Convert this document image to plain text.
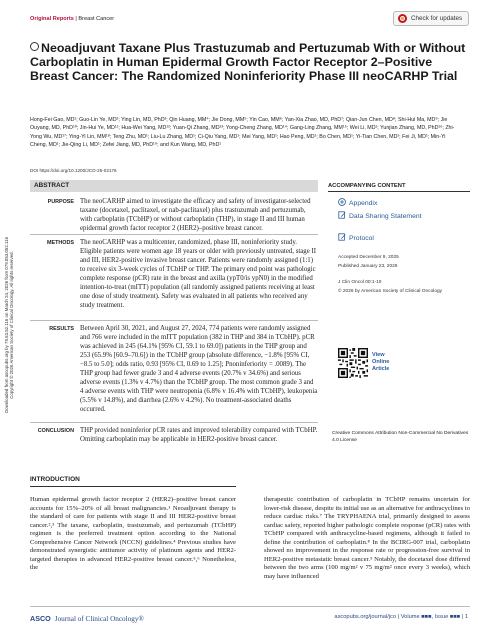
Downloaded from ascopubs.org by 79.53.52.116 on March 24, 2026 from 079.053.052.116
Copyright © 2026 American Society of Clinical Oncology. All rights reserved.
Original Reports | Breast Cancer	Check for updates
Neoadjuvant Taxane Plus Trastuzumab and Pertuzumab With or Without Carboplatin in Human Epidermal Growth Factor Receptor 2–Positive Breast Cancer: The Randomized Noninferiority Phase III neoCARHP Trial
Hong-Fei Gao, MD¹; Guo-Lin Ye, MD²; Ying Lin, MD, PhD³; Qin Huang, MM⁴; Jie Dong, MM⁵; Yin Cao, MM⁶; Yan-Xia Zhao, MD, PhD⁷; Qian-Jun Chen, MD⁸; Shi-Hui Ma, MD⁹; Jie Ouyang, MD, PhD¹⁰; Jin-Hui Ye, MD¹¹; Hua-Wei Yang, MD¹²; Yuan-Qi Zhang, MD¹³; Yong-Cheng Zhang, MD¹⁴; Gang-Ling Zhang, MM¹⁵; Wei Li, MD¹; Yunjian Zhang, MD, PhD¹⁶; Zhi-Yong Wu, MD¹⁷; Ying-Yi Lin, MM¹⁸; Teng Zhu, MD¹; Liu-Lu Zhang, MD¹; Ci-Qiu Yang, MD¹; Mei Yang, MD¹; Hao Peng, MD¹; Bo Chen, MD¹; Yi-Tian Chen, MD¹; Fei Ji, MD¹; Min-Yi Cheng, MD¹; Jie-Qing Li, MD¹; Zefei Jiang, MD, PhD¹⁹; and Kun Wang, MD, PhD¹
DOI https://doi.org/10.1200/JCO-25-02176
ABSTRACT	ACCOMPANYING CONTENT
PURPOSE The neoCARHP aimed to investigate the efficacy and safety of investigator-selected taxane (docetaxel, paclitaxel, or nab-paclitaxel) plus trastuzumab and pertuzumab, with carboplatin (TCbHP) or without carboplatin (THP), in stage II and III human epidermal growth factor receptor 2 (HER2)–positive breast cancer.
METHODS The neoCARHP was a multicenter, randomized, phase III, noninferiority study. Eligible patients were women age 18 years or older with previously untreated, stage II and III, HER2-positive invasive breast cancer. Patients were randomly assigned (1:1) to receive six 3-week cycles of TCbHP or THP. The primary end point was pathologic complete response (pCR) rate in the breast and axilla (ypT0/is ypN0) in the modified intention-to-treat (mITT) population (all randomly assigned patients receiving at least one dose of study treatment). Safety was evaluated in all patients who received any study treatment.
RESULTS Between April 30, 2021, and August 27, 2024, 774 patients were randomly assigned and 766 were included in the mITT population (382 in THP and 384 in TCbHP). pCR was achieved in 245 (64.1% [95% CI, 59.1 to 69.0]) patients in the THP group and 253 (65.9% [60.9–70.6]) in the TCbHP group (absolute difference, −1.8% [95% CI, −8.5 to 5.0]; odds ratio, 0.93 [95% CI, 0.69 to 1.25]; Pnoninferiority = .0089). The THP group had fewer grade 3 and 4 adverse events (20.7% v 34.6%) and serious adverse events (1.3% v 4.7%) than the TCbHP group. The most common grade 3 and 4 adverse events with THP were neutropenia (6.8% v 16.4% with TCbHP), leukopenia (5.5% v 14.8%), and diarrhea (2.6% v 4.2%). No treatment-associated deaths occurred.
CONCLUSION THP provided noninferior pCR rates and improved tolerability compared with TCbHP. Omitting carboplatin may be applicable in HER2-positive breast cancer.
Appendix
Data Sharing Statement
Protocol
Accepted December 9, 2025
Published January 23, 2026
J Clin Oncol 00:1-10
© 2026 by American Society of Clinical Oncology
View Online Article
Creative Commons Attribution Non-Commercial No Derivatives 4.0 License
INTRODUCTION
Human epidermal growth factor receptor 2 (HER2)–positive breast cancer accounts for 15%–20% of all breast malignancies.¹ Neoadjuvant therapy is the standard of care for patients with stage II and III HER2-positive breast cancer.²,³ The taxane, carboplatin, trastuzumab, and pertuzumab (TCbHP) regimen is the preferred treatment option according to the National Comprehensive Cancer Network (NCCN) guidelines.⁴ Previous studies have demonstrated synergistic antitumor activity of platinum agents and HER2-targeted therapies in advanced HER2-positive breast cancer.⁵,⁶ Nonetheless, the
therapeutic contribution of carboplatin in TCbHP remains uncertain for lower-risk disease, despite its initial use as an alternative for anthracyclines to reduce cardiac risks.⁷ The TRYPHAENA trial, primarily designed to assess cardiac safety, reported higher pathologic complete response (pCR) rates with TCbHP compared with anthracycline-based regimens, although it failed to define the contribution of carboplatin.⁸ In the BCIRG-007 trial, carboplatin showed no improvement in the response rate or progression-free survival in HER2-positive metastatic breast cancer.⁹ Notably, the docetaxel dose differed between the two arms (100 mg/m² v 75 mg/m² once every 3 weeks), which may have influenced
ASCO Journal of Clinical Oncology®	ascopubs.org/journal/jco | Volume ■■■, Issue ■■■ | 1
